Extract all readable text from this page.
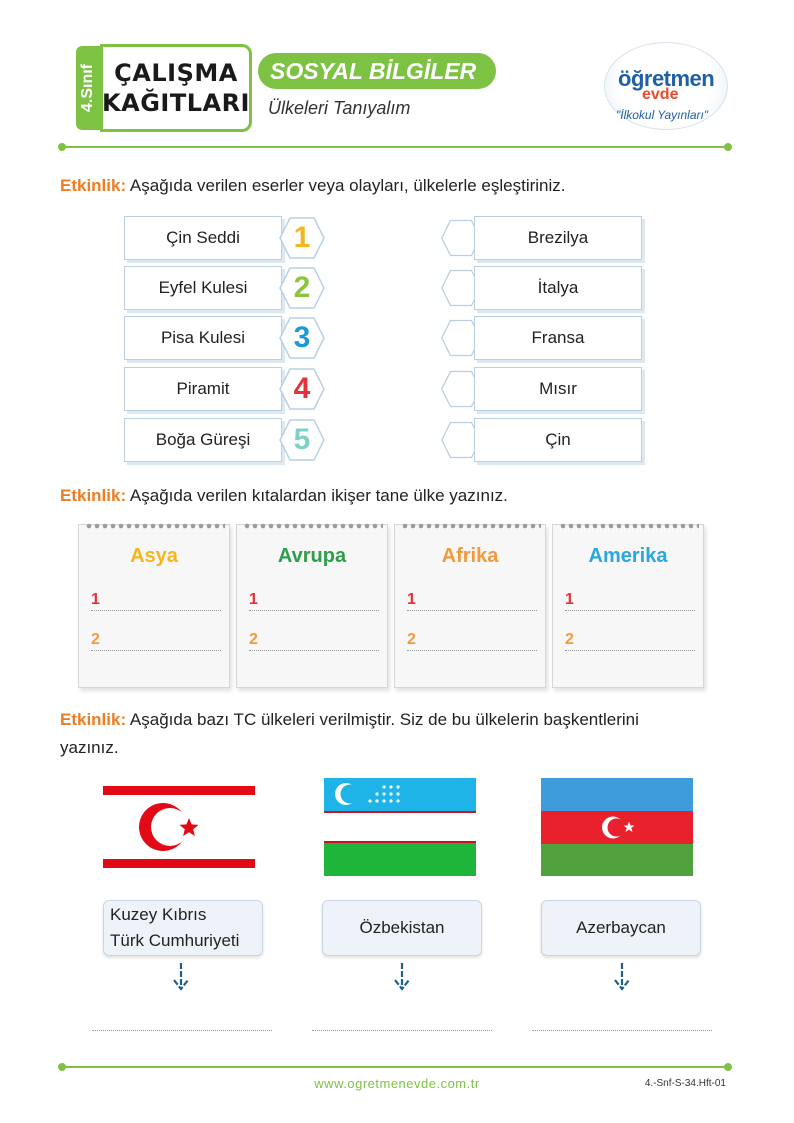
4.Sınıf ÇALIŞMA
KAĞITLARI
SOSYAL BİLGİLER
Ülkeleri Tanıyalım
öğretmen
evde
"İlkokul Yayınları"
Etkinlik: Aşağıda verilen eserler veya olayları, ülkelerle eşleştiriniz.
Çin Seddi	1
Eyfel Kulesi	2
Pisa Kulesi	3
Piramit	4
Boğa Güreşi	5
Brezilya
İtalya
Fransa
Mısır
Çin
Etkinlik: Aşağıda verilen kıtalardan ikişer tane ülke yazınız.
Asya
1
2
Avrupa
1
2
Afrika
1
2
Amerika
1
2
Etkinlik: Aşağıda bazı TC ülkeleri verilmiştir. Siz de bu ülkelerin başkentlerini
yazınız.
Kuzey Kıbrıs
Türk Cumhuriyeti
Özbekistan	Azerbaycan
www.ogretmenevde.com.tr	4.-Snf-S-34.Hft-01
